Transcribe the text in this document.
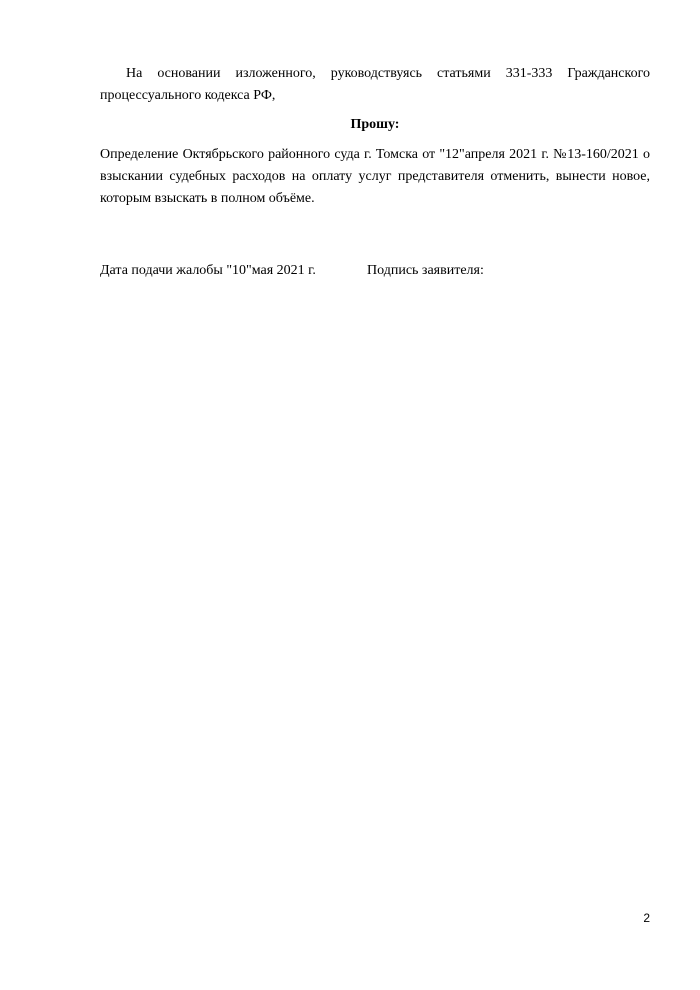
На основании изложенного, руководствуясь статьями 331-333 Гражданского процессуального кодекса РФ,

Прошу:

Определение Октябрьского районного суда г. Томска от "12"апреля 2021 г. №13-160/2021 о взыскании судебных расходов на оплату услуг представителя отменить, вынести новое, которым взыскать в полном объёме.

Дата подачи жалобы "10"мая 2021 г.	Подпись заявителя:
2
